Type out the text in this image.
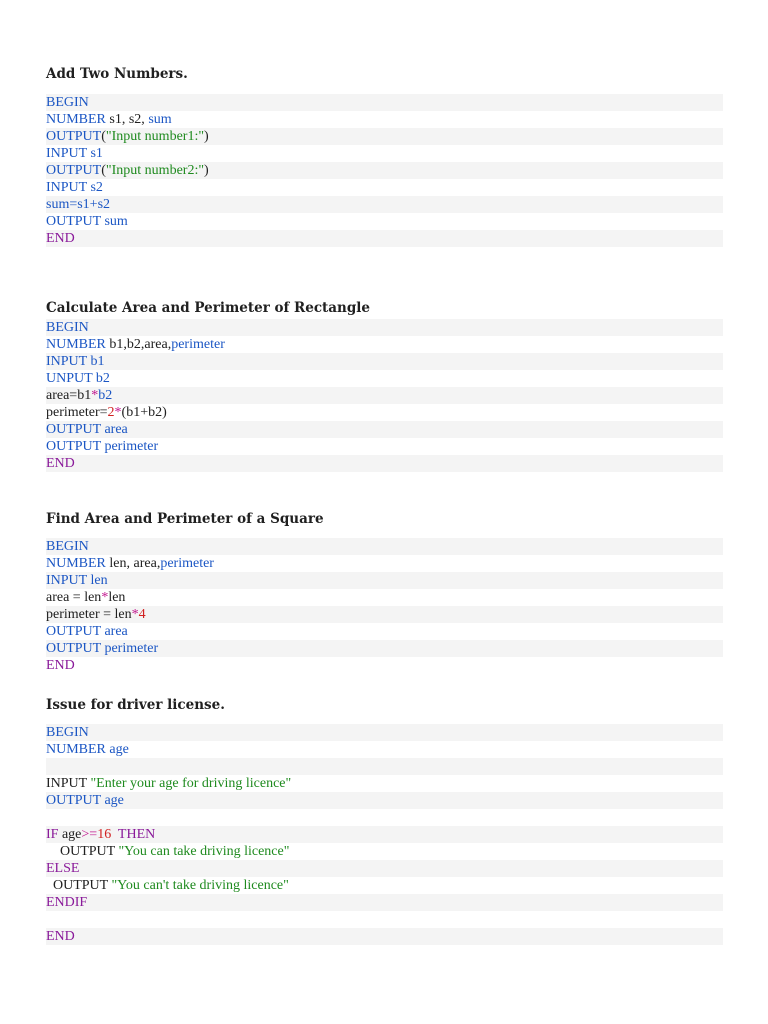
Add Two Numbers.
BEGIN
NUMBER s1, s2, sum
OUTPUT("Input number1:")
INPUT s1
OUTPUT("Input number2:")
INPUT s2
sum=s1+s2
OUTPUT sum
END
Calculate Area and Perimeter of Rectangle
BEGIN
NUMBER b1,b2,area,perimeter
INPUT b1
UNPUT b2
area=b1*b2
perimeter=2*(b1+b2)
OUTPUT area
OUTPUT perimeter
END
Find Area and Perimeter of a Square
BEGIN
NUMBER len, area,perimeter
INPUT len
area = len*len
perimeter = len*4
OUTPUT area
OUTPUT perimeter
END
Issue for driver license.
BEGIN
NUMBER age
INPUT "Enter your age for driving licence"
OUTPUT age
IF age>=16  THEN
OUTPUT "You can take driving licence"
ELSE
OUTPUT "You can't take driving licence"
ENDIF
END
